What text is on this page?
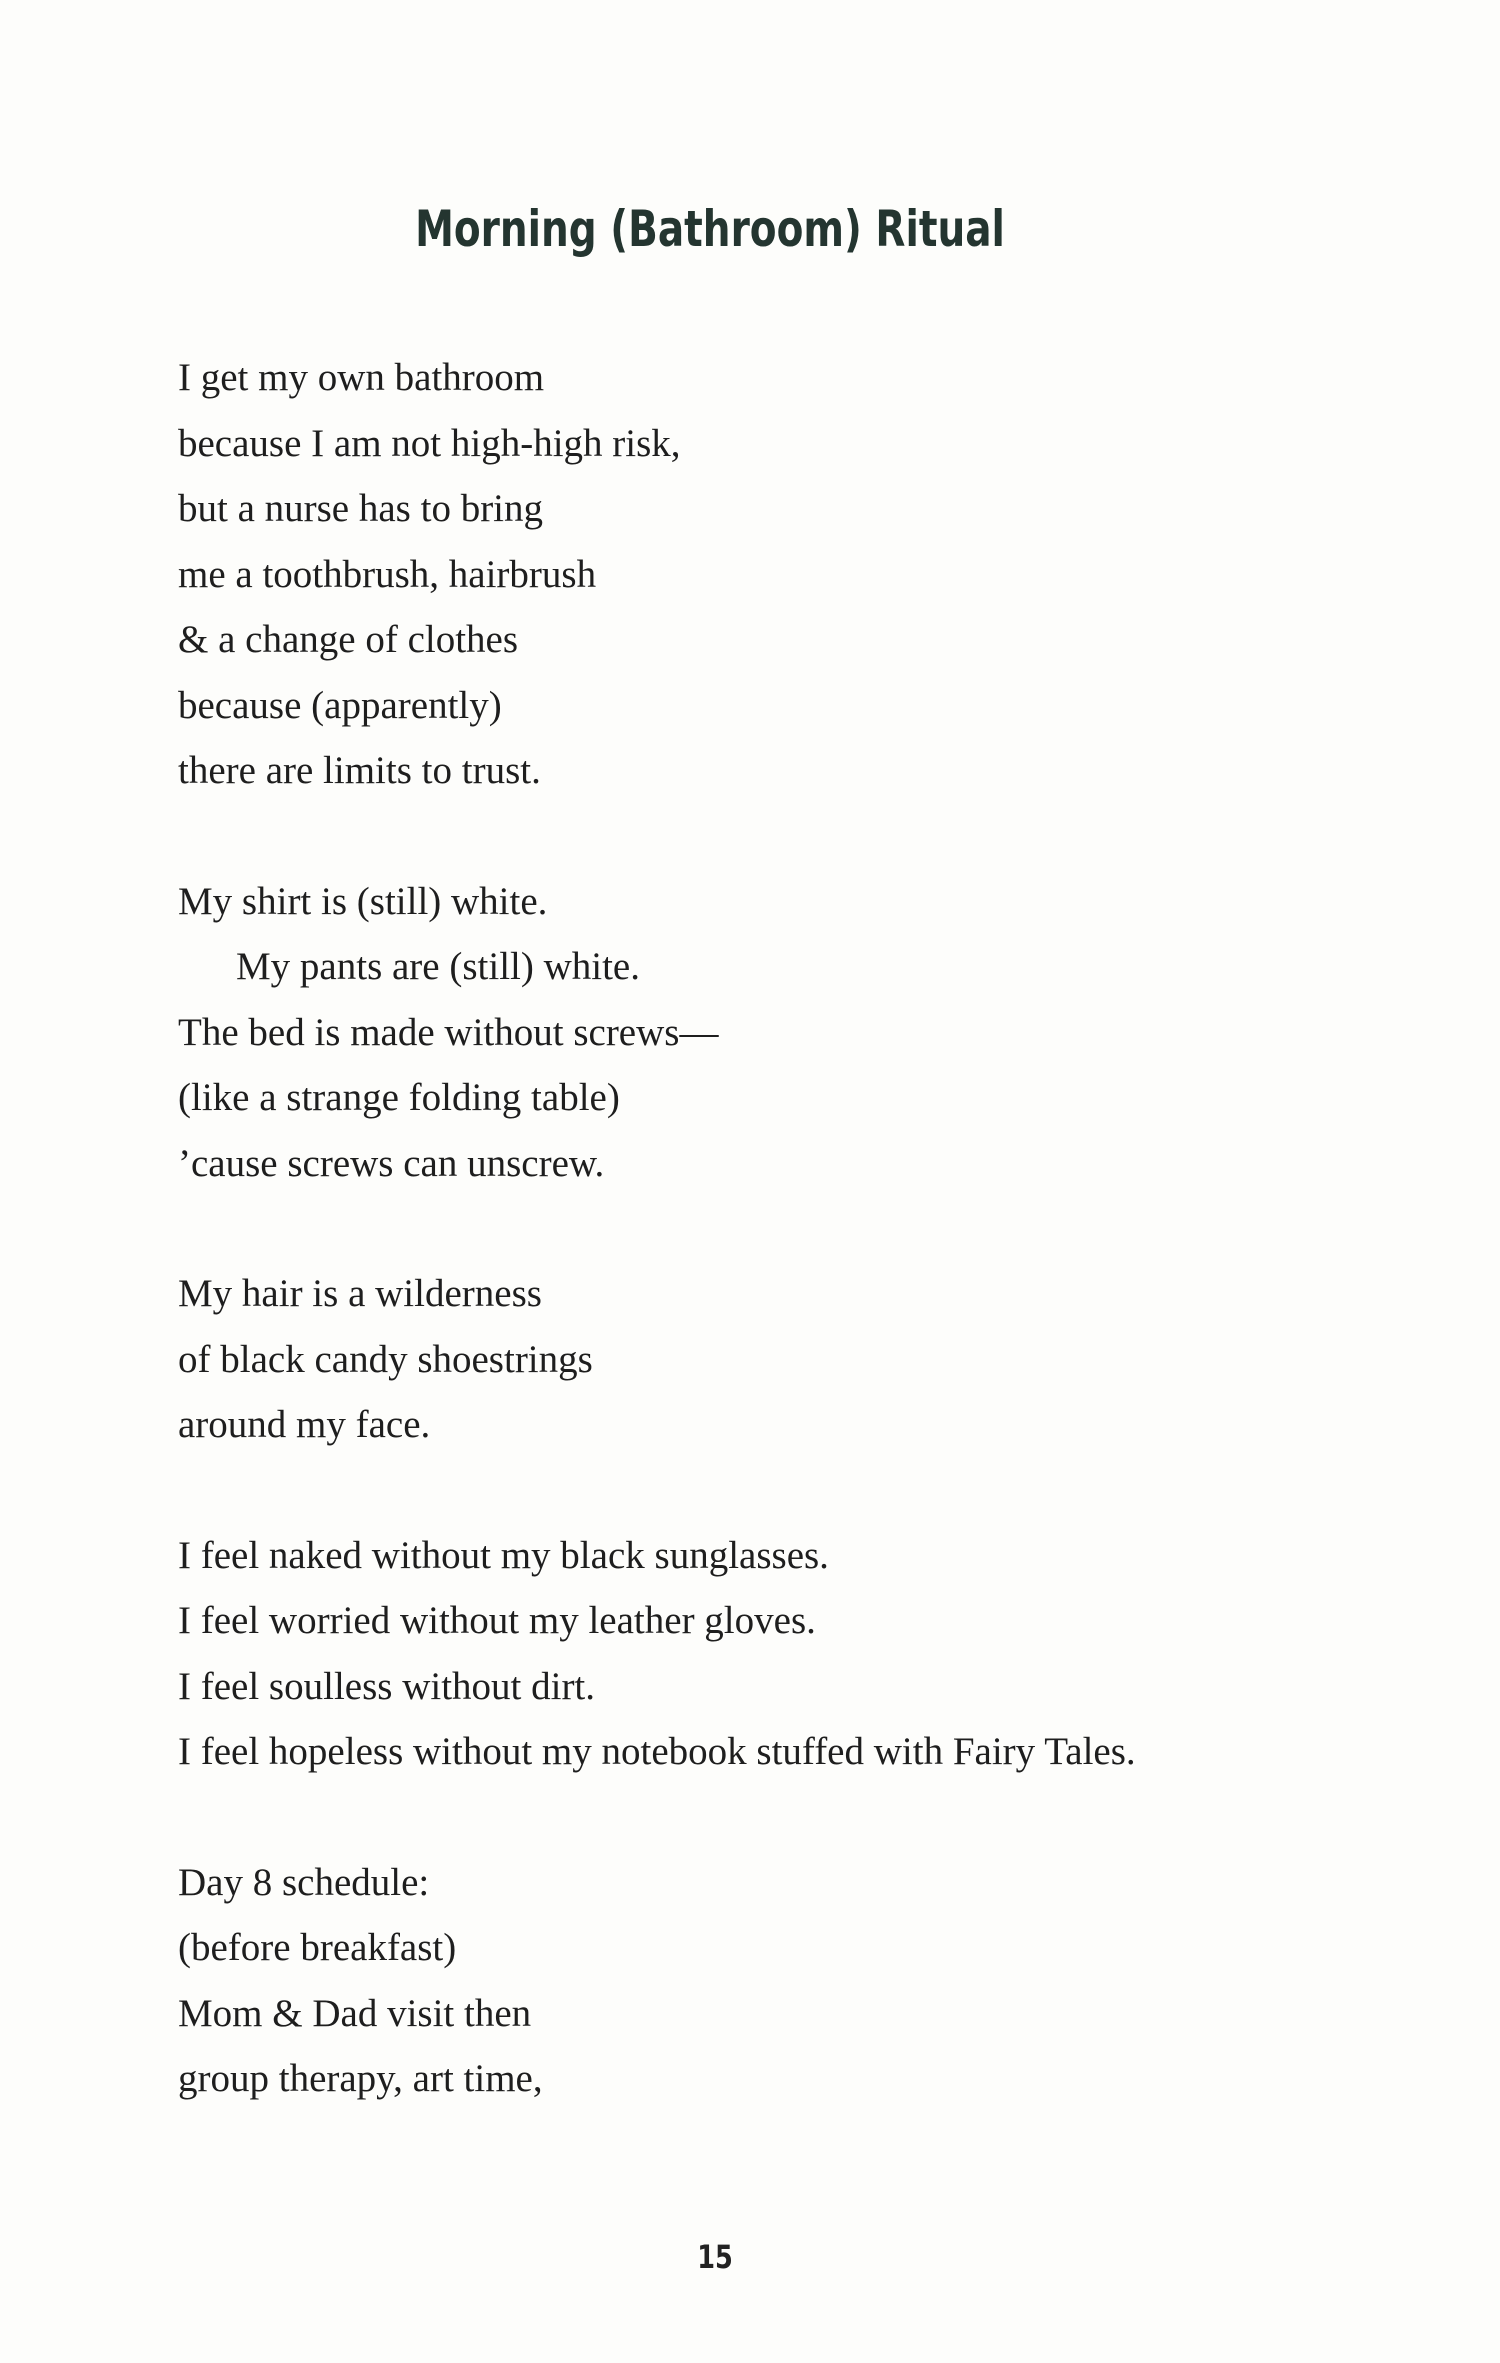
Morning (Bathroom) Ritual
I get my own bathroom
because I am not high-high risk,
but a nurse has to bring
me a toothbrush, hairbrush
& a change of clothes
because (apparently)
there are limits to trust.
My shirt is (still) white.
My pants are (still) white.
The bed is made without screws—
(like a strange folding table)
’cause screws can unscrew.
My hair is a wilderness
of black candy shoestrings
around my face.
I feel naked without my black sunglasses.
I feel worried without my leather gloves.
I feel soulless without dirt.
I feel hopeless without my notebook stuffed with Fairy Tales.
Day 8 schedule:
(before breakfast)
Mom & Dad visit then
group therapy, art time,
15
